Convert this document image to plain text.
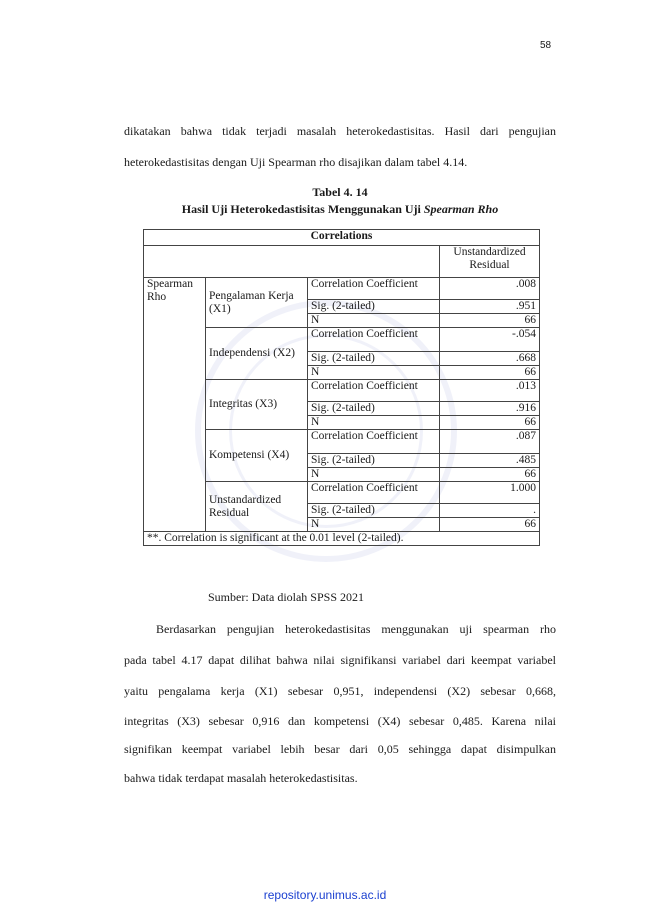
58

dikatakan bahwa tidak terjadi masalah heterokedastisitas. Hasil dari pengujian

heterokedastisitas dengan Uji Spearman rho disajikan dalam tabel 4.14.

Tabel 4. 14
Hasil Uji Heterokedastisitas Menggunakan Uji Spearman Rho
Correlations			
			Unstandardized Residual
Spearman Rho	Pengalaman Kerja (X1)	Correlation Coefficient	.008
		Sig. (2-tailed)	.951
		N	66
	Independensi (X2)	Correlation Coefficient	-.054
		Sig. (2-tailed)	.668
		N	66
	Integritas (X3)	Correlation Coefficient	.013
		Sig. (2-tailed)	.916
		N	66
	Kompetensi (X4)	Correlation Coefficient	.087
		Sig. (2-tailed)	.485
		N	66
	Unstandardized Residual	Correlation Coefficient	1.000
		Sig. (2-tailed)	.
		N	66
**. Correlation is significant at the 0.01 level (2-tailed).			
Sumber: Data diolah SPSS 2021

Berdasarkan pengujian heterokedastisitas menggunakan uji spearman rho

pada tabel 4.17 dapat dilihat bahwa nilai signifikansi variabel dari keempat variabel

yaitu pengalama kerja (X1) sebesar 0,951, independensi (X2) sebesar 0,668,

integritas (X3) sebesar 0,916 dan kompetensi (X4) sebesar 0,485. Karena nilai

signifikan keempat variabel lebih besar dari 0,05 sehingga dapat disimpulkan

bahwa tidak terdapat masalah heterokedastisitas.

repository.unimus.ac.id
